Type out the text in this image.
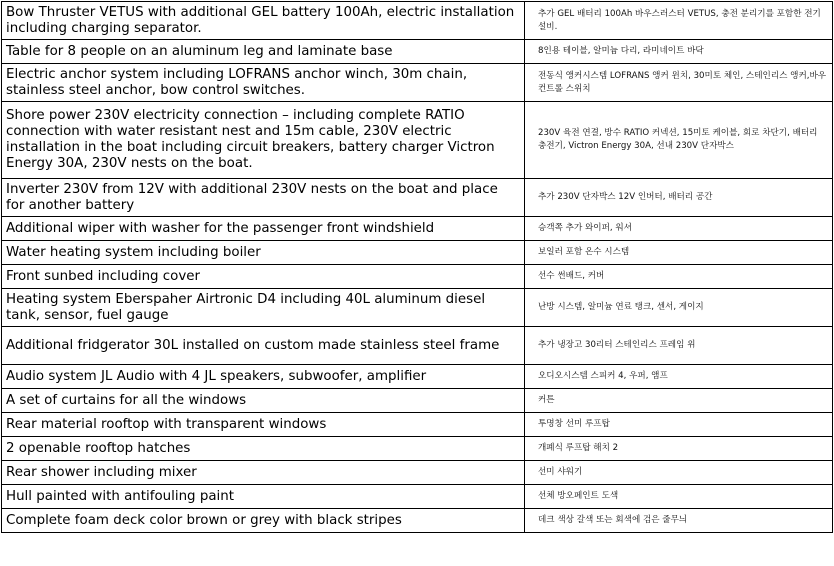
Bow Thruster VETUS with additional GEL battery 100Ah, electric installation including charging separator.	추가 GEL 배터리 100Ah 바우스러스터 VETUS, 충전 분리기를 포함한 전기 설비.
Table for 8 people on an aluminum leg and laminate base	8인용 테이블, 알미늄 다리, 라미네이트 바닥
Electric anchor system including LOFRANS anchor winch, 30m chain, stainless steel anchor, bow control switches.	전동식 앵커시스템 LOFRANS 앵커 윈치, 30미토 체인, 스테인리스 앵커,바우 컨트롤 스위치
Shore power 230V electricity connection – including complete RATIO connection with water resistant nest and 15m cable, 230V electric installation in the boat including circuit breakers, battery charger Victron Energy 30A, 230V nests on the boat.	230V 육전 연결, 방수 RATIO 커넥션, 15미토 케이블, 회로 차단기, 배터리 충전기, Victron Energy 30A, 선내 230V 단자박스
Inverter 230V from 12V with additional 230V nests on the boat and place for another battery	추가 230V 단자박스 12V 인버터, 배터리 공간
Additional wiper with washer for the passenger front windshield	승객쪽 추가 와이퍼, 워셔
Water heating system including boiler	보일러 포함 온수 시스템
Front sunbed including cover	선수 썬배드, 커버
Heating system Eberspaher Airtronic D4 including 40L aluminum diesel tank, sensor, fuel gauge	난방 시스템, 알미늄 연료 탱크, 센서, 게이지
Additional fridgerator 30L installed on custom made stainless steel frame	추가 냉장고 30리터 스테인리스 프레임 위
Audio system JL Audio with 4 JL speakers, subwoofer, amplifier	오디오시스템 스피커 4, 우퍼, 앰프
A set of curtains for all the windows	커튼
Rear material rooftop with transparent windows	투명창 선미 루프탑
2 openable rooftop hatches	개폐식 루프탑 해치 2
Rear shower including mixer	선미 샤워기
Hull painted with antifouling paint	선체 방오페인트 도색
Complete foam deck color brown or grey with black stripes	데크 색상 갈색 또는 회색에 검은 줄무늬
